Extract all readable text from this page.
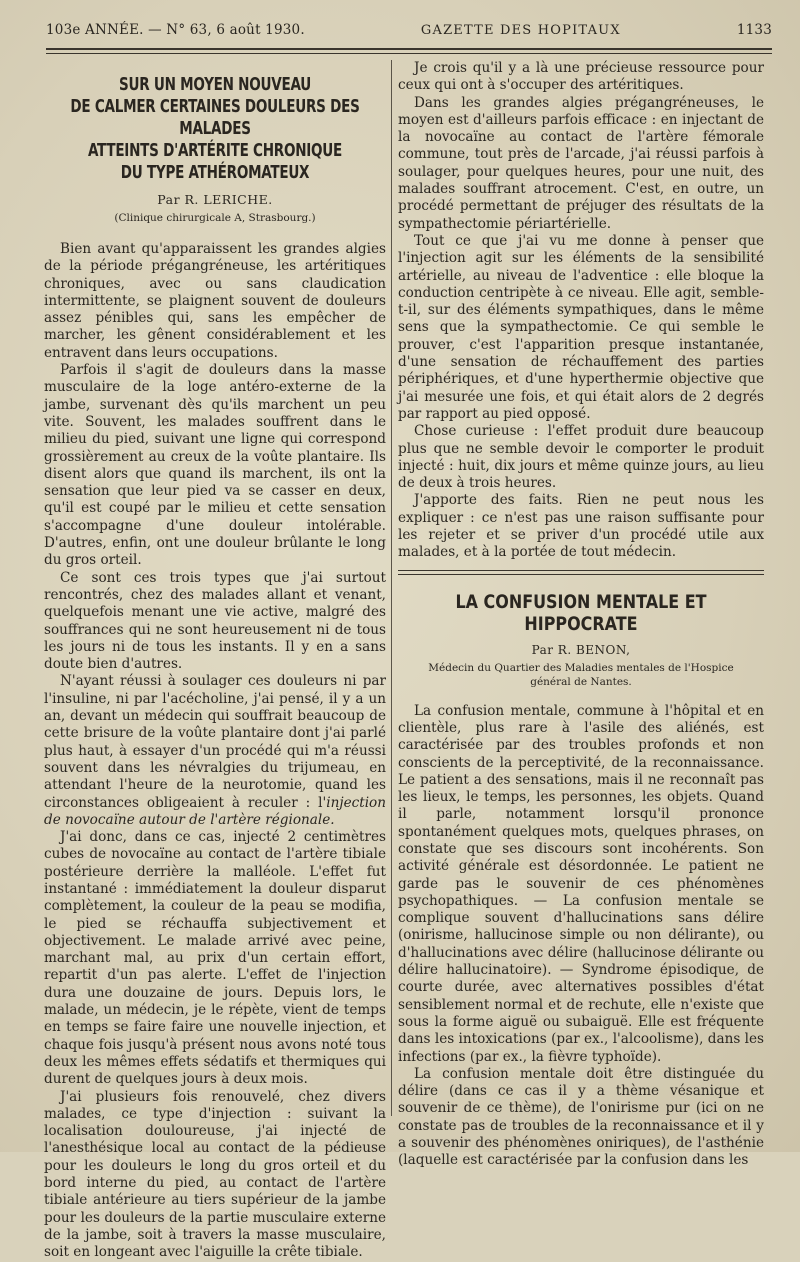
103e ANNÉE. — N° 63, 6 août 1930.	GAZETTE DES HOPITAUX	1133
SUR UN MOYEN NOUVEAU
DE CALMER CERTAINES DOULEURS DES MALADES
ATTEINTS D'ARTÉRITE CHRONIQUE
DU TYPE ATHÉROMATEUX
Par R. LERICHE.
(Clinique chirurgicale A, Strasbourg.)

Bien avant qu'apparaissent les grandes algies de la période prégangréneuse, les artéritiques chroniques, avec ou sans claudication intermittente, se plaignent souvent de douleurs assez pénibles qui, sans les empêcher de marcher, les gênent considérablement et les entravent dans leurs occupations.

Parfois il s'agit de douleurs dans la masse musculaire de la loge antéro-externe de la jambe, survenant dès qu'ils marchent un peu vite. Souvent, les malades souffrent dans le milieu du pied, suivant une ligne qui correspond grossièrement au creux de la voûte plantaire. Ils disent alors que quand ils marchent, ils ont la sensation que leur pied va se casser en deux, qu'il est coupé par le milieu et cette sensation s'accompagne d'une douleur intolérable. D'autres, enfin, ont une douleur brûlante le long du gros orteil.

Ce sont ces trois types que j'ai surtout rencontrés, chez des malades allant et venant, quelquefois menant une vie active, malgré des souffrances qui ne sont heureusement ni de tous les jours ni de tous les instants. Il y en a sans doute bien d'autres.

N'ayant réussi à soulager ces douleurs ni par l'insuline, ni par l'acécholine, j'ai pensé, il y a un an, devant un médecin qui souffrait beaucoup de cette brisure de la voûte plantaire dont j'ai parlé plus haut, à essayer d'un procédé qui m'a réussi souvent dans les névralgies du trijumeau, en attendant l'heure de la neurotomie, quand les circonstances obligeaient à reculer : l'injection de novocaïne autour de l'artère régionale.

J'ai donc, dans ce cas, injecté 2 centimètres cubes de novocaïne au contact de l'artère tibiale postérieure derrière la malléole. L'effet fut instantané : immédiatement la douleur disparut complètement, la couleur de la peau se modifia, le pied se réchauffa subjectivement et objectivement. Le malade arrivé avec peine, marchant mal, au prix d'un certain effort, repartit d'un pas alerte. L'effet de l'injection dura une douzaine de jours. Depuis lors, le malade, un médecin, je le répète, vient de temps en temps se faire faire une nouvelle injection, et chaque fois jusqu'à présent nous avons noté tous deux les mêmes effets sédatifs et thermiques qui durent de quelques jours à deux mois.

J'ai plusieurs fois renouvelé, chez divers malades, ce type d'injection : suivant la localisation douloureuse, j'ai injecté de l'anesthésique local au contact de la pédieuse pour les douleurs le long du gros orteil et du bord interne du pied, au contact de l'artère tibiale antérieure au tiers supérieur de la jambe pour les douleurs de la partie musculaire externe de la jambe, soit à travers la masse musculaire, soit en longeant avec l'aiguille la crête tibiale.

Je crois qu'il y a là une précieuse ressource pour ceux qui ont à s'occuper des artéritiques.

Dans les grandes algies prégangréneuses, le moyen est d'ailleurs parfois efficace : en injectant de la novocaïne au contact de l'artère fémorale commune, tout près de l'arcade, j'ai réussi parfois à soulager, pour quelques heures, pour une nuit, des malades souffrant atrocement. C'est, en outre, un procédé permettant de préjuger des résultats de la sympathectomie périartérielle.

Tout ce que j'ai vu me donne à penser que l'injection agit sur les éléments de la sensibilité artérielle, au niveau de l'adventice : elle bloque la conduction centripète à ce niveau. Elle agit, semble-t-il, sur des éléments sympathiques, dans le même sens que la sympathectomie. Ce qui semble le prouver, c'est l'apparition presque instantanée, d'une sensation de réchauffement des parties périphériques, et d'une hyperthermie objective que j'ai mesurée une fois, et qui était alors de 2 degrés par rapport au pied opposé.

Chose curieuse : l'effet produit dure beaucoup plus que ne semble devoir le comporter le produit injecté : huit, dix jours et même quinze jours, au lieu de deux à trois heures.

J'apporte des faits. Rien ne peut nous les expliquer : ce n'est pas une raison suffisante pour les rejeter et se priver d'un procédé utile aux malades, et à la portée de tout médecin.

LA CONFUSION MENTALE ET HIPPOCRATE
Par R. BENON,
Médecin du Quartier des Maladies mentales de l'Hospice général de Nantes.

La confusion mentale, commune à l'hôpital et en clientèle, plus rare à l'asile des aliénés, est caractérisée par des troubles profonds et non conscients de la perceptivité, de la reconnaissance. Le patient a des sensations, mais il ne reconnaît pas les lieux, le temps, les personnes, les objets. Quand il parle, notamment lorsqu'il prononce spontanément quelques mots, quelques phrases, on constate que ses discours sont incohérents. Son activité générale est désordonnée. Le patient ne garde pas le souvenir de ces phénomènes psychopathiques. — La confusion mentale se complique souvent d'hallucinations sans délire (onirisme, hallucinose simple ou non délirante), ou d'hallucinations avec délire (hallucinose délirante ou délire hallucinatoire). — Syndrome épisodique, de courte durée, avec alternatives possibles d'état sensiblement normal et de rechute, elle n'existe que sous la forme aiguë ou subaiguë. Elle est fréquente dans les intoxications (par ex., l'alcoolisme), dans les infections (par ex., la fièvre typhoïde).

La confusion mentale doit être distinguée du délire (dans ce cas il y a thème vésanique et souvenir de ce thème), de l'onirisme pur (ici on ne constate pas de troubles de la reconnaissance et il y a souvenir des phénomènes oniriques), de l'asthénie (laquelle est caractérisée par la confusion dans les
